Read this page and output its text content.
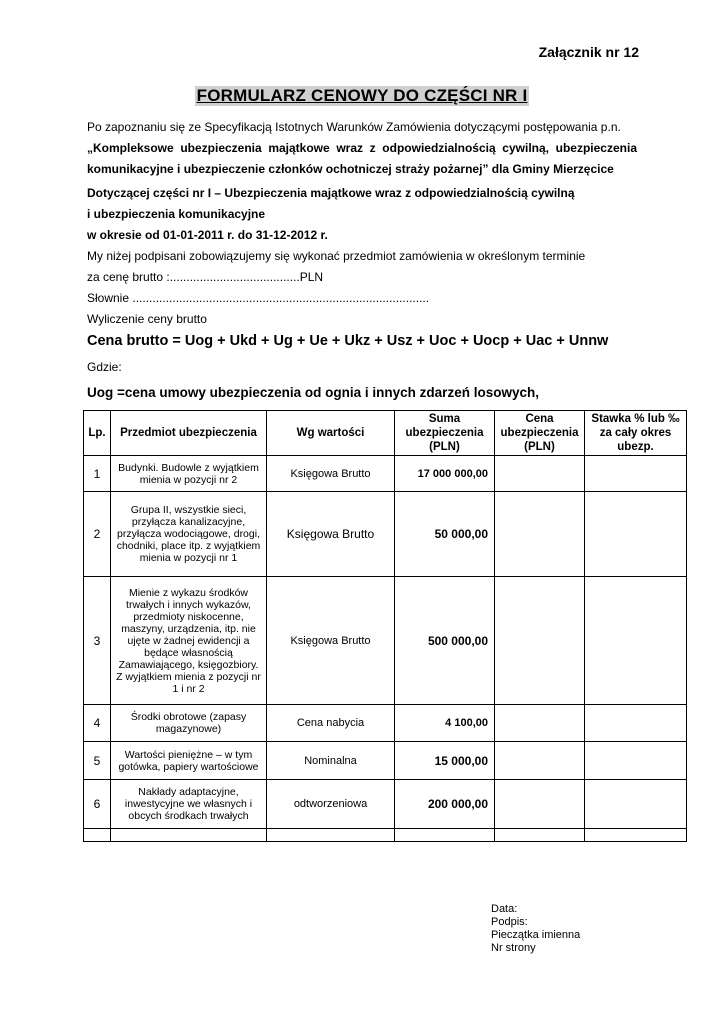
Załącznik nr 12
FORMULARZ CENOWY DO CZĘŚCI NR I
Po zapoznaniu się ze Specyfikacją Istotnych Warunków Zamówienia dotyczącymi postępowania p.n.
„Kompleksowe ubezpieczenia majątkowe wraz z odpowiedzialnością cywilną, ubezpieczenia
komunikacyjne i ubezpieczenie członków ochotniczej straży pożarnej” dla Gminy Mierzęcice
Dotyczącej części nr I – Ubezpieczenia majątkowe wraz z odpowiedzialnością cywilną
i ubezpieczenia komunikacyjne
w okresie od 01-01-2011 r. do 31-12-2012 r.
My niżej podpisani zobowiązujemy się wykonać przedmiot zamówienia w określonym terminie
za cenę brutto :.......................................PLN
Słownie .........................................................................................
Wyliczenie ceny brutto
Cena brutto = Uog + Ukd + Ug + Ue + Ukz + Usz + Uoc + Uocp + Uac + Unnw
Gdzie:
Uog =cena umowy ubezpieczenia od ognia i innych zdarzeń losowych,
Lp.	Przedmiot ubezpieczenia	Wg wartości	Suma ubezpieczenia (PLN)	Cena ubezpieczenia (PLN)	Stawka % lub ‰ za cały okres ubezp.
1	Budynki. Budowle z wyjątkiem mienia w pozycji nr 2	Księgowa Brutto	17 000 000,00		
2	Grupa II, wszystkie sieci, przyłącza kanalizacyjne, przyłącza wodociągowe, drogi, chodniki, place itp. z wyjątkiem mienia w pozycji nr 1	Księgowa Brutto	50 000,00		
3	Mienie z wykazu środków trwałych i innych wykazów, przedmioty niskocenne, maszyny, urządzenia, itp. nie ujęte w żadnej ewidencji a będące własnością Zamawiającego, księgozbiory. Z wyjątkiem mienia z pozycji nr 1 i nr 2	Księgowa Brutto	500 000,00		
4	Środki obrotowe (zapasy magazynowe)	Cena nabycia	4 100,00		
5	Wartości pieniężne – w tym gotówka, papiery wartościowe	Nominalna	15 000,00		
6	Nakłady adaptacyjne, inwestycyjne we własnych i obcych środkach trwałych	odtworzeniowa	200 000,00		

Data:
Podpis:
Pieczątka imienna
Nr strony
